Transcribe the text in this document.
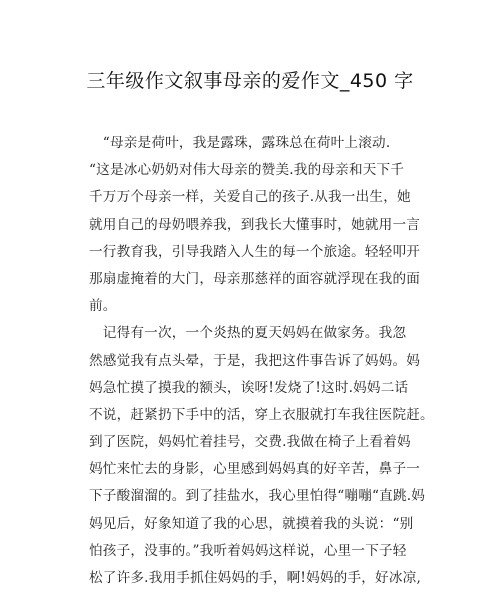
三年级作文叙事母亲的爱作文_450 字
　“母亲是荷叶，我是露珠，露珠总在荷叶上滚动.
“这是冰心奶奶对伟大母亲的赞美.我的母亲和天下千
千万万个母亲一样，关爱自己的孩子.从我一出生，她
就用自己的母奶喂养我，到我长大懂事时，她就用一言
一行教育我，引导我踏入人生的每一个旅途。轻轻叩开
那扇虚掩着的大门，母亲那慈祥的面容就浮现在我的面
前。
　记得有一次，一个炎热的夏天妈妈在做家务。我忽
然感觉我有点头晕，于是，我把这件事告诉了妈妈。妈
妈急忙摸了摸我的额头，诶呀!发烧了!这时.妈妈二话
不说，赶紧扔下手中的活，穿上衣服就打车我往医院赶。
到了医院，妈妈忙着挂号，交费.我做在椅子上看着妈
妈忙来忙去的身影，心里感到妈妈真的好辛苦，鼻子一
下子酸溜溜的。到了挂盐水，我心里怕得“嘣嘣“直跳.妈
妈见后，好象知道了我的心思，就摸着我的头说：“别
怕孩子，没事的。”我听着妈妈这样说，心里一下子轻
松了许多.我用手抓住妈妈的手，啊!妈妈的手，好冰凉,
